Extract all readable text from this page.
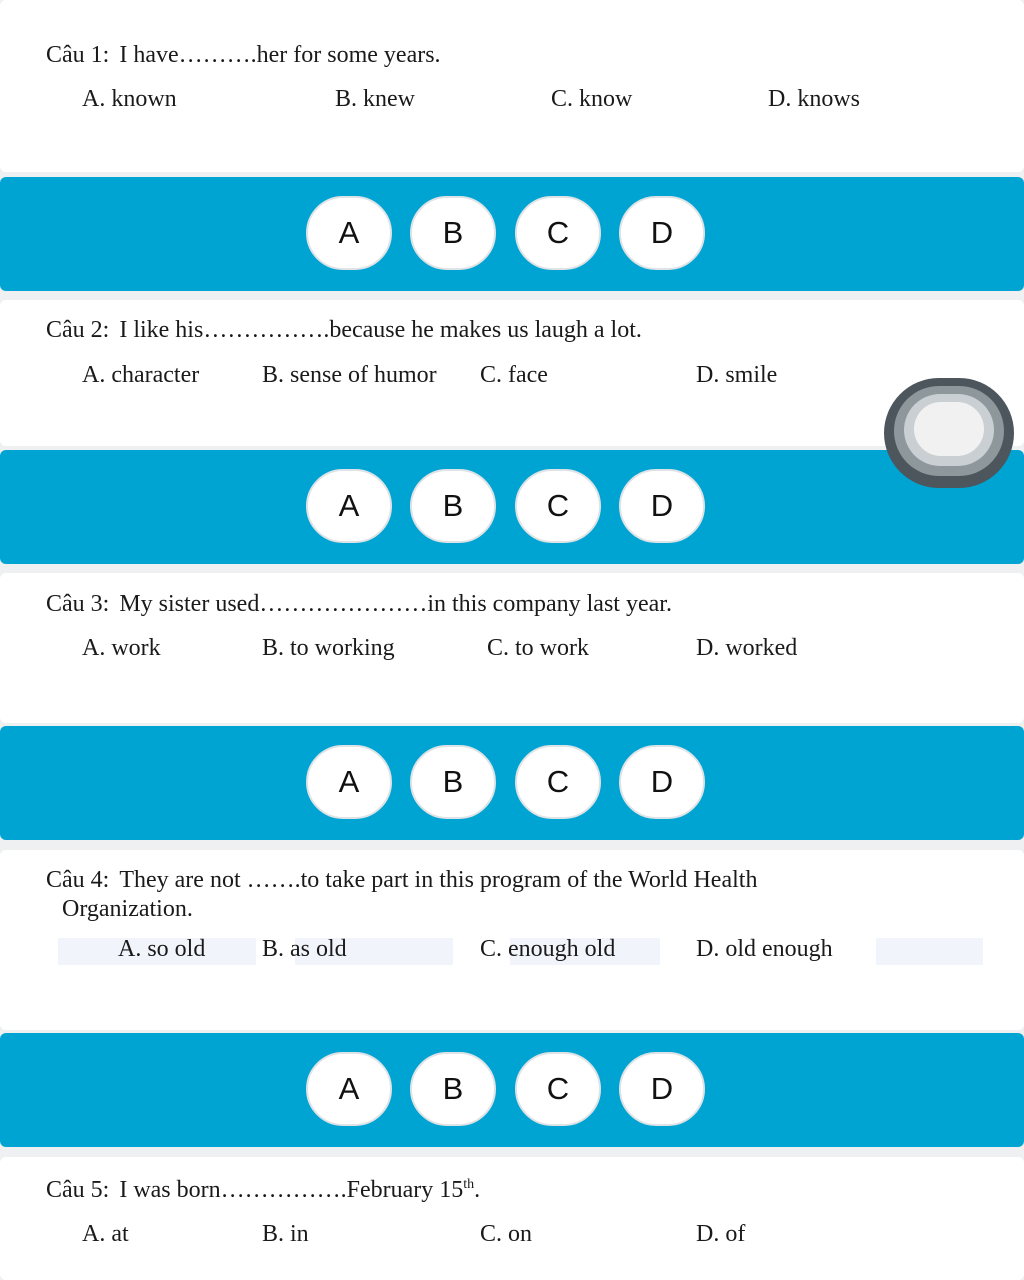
Câu 1: I have……….her for some years.
A. known	B. knew	C. know	D. knows
A	B	C	D
Câu 2: I like his…………….because he makes us laugh a lot.
A. character	B. sense of humor C. face	D. smile
A	B	C	D
Câu 3: My sister used…………………in this company last year.
A. work	B. to working	C. to work	D. worked
A	B	C	D
Câu 4: They are not …….to take part in this program of the World Health
Organization.
A. so old B. as old	C. enough old	D. old enough
A	B	C	D
Câu 5: I was born…………….February 15th.
A. at	B. in	C. on	D. of
